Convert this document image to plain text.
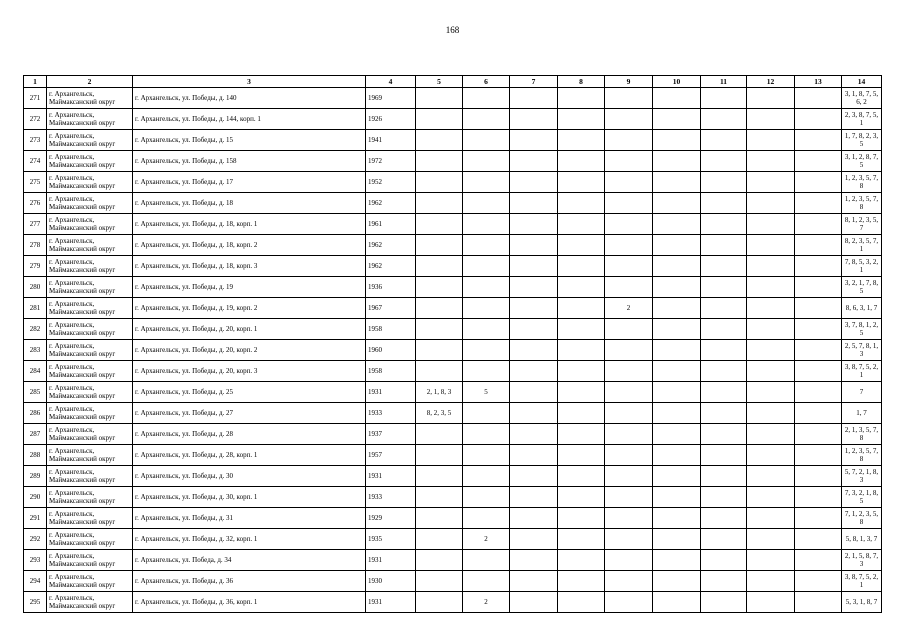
168
1	2	3	4	5	6	7	8	9	10	11	12	13	14
271	г. Архангельск, Маймаксанский округ	г. Архангельск, ул. Победы, д. 140	1969										3, 1, 8, 7, 5, 6, 2
272	г. Архангельск, Маймаксанский округ	г. Архангельск, ул. Победы, д. 144, корп. 1	1926										2, 3, 8, 7, 5, 1
273	г. Архангельск, Маймаксанский округ	г. Архангельск, ул. Победы, д. 15	1941										1, 7, 8, 2, 3, 5
274	г. Архангельск, Маймаксанский округ	г. Архангельск, ул. Победы, д. 158	1972										3, 1, 2, 8, 7, 5
275	г. Архангельск, Маймаксанский округ	г. Архангельск, ул. Победы, д. 17	1952										1, 2, 3, 5, 7, 8
276	г. Архангельск, Маймаксанский округ	г. Архангельск, ул. Победы, д. 18	1962										1, 2, 3, 5, 7, 8
277	г. Архангельск, Маймаксанский округ	г. Архангельск, ул. Победы, д. 18, корп. 1	1961										8, 1, 2, 3, 5, 7
278	г. Архангельск, Маймаксанский округ	г. Архангельск, ул. Победы, д. 18, корп. 2	1962										8, 2, 3, 5, 7, 1
279	г. Архангельск, Маймаксанский округ	г. Архангельск, ул. Победы, д. 18, корп. 3	1962										7, 8, 5, 3, 2, 1
280	г. Архангельск, Маймаксанский округ	г. Архангельск, ул. Победы, д. 19	1936										3, 2, 1, 7, 8, 5
281	г. Архангельск, Маймаксанский округ	г. Архангельск, ул. Победы, д. 19, корп. 2	1967					2					8, 6, 3, 1, 7
282	г. Архангельск, Маймаксанский округ	г. Архангельск, ул. Победы, д. 20, корп. 1	1958										3, 7, 8, 1, 2, 5
283	г. Архангельск, Маймаксанский округ	г. Архангельск, ул. Победы, д. 20, корп. 2	1960										2, 5, 7, 8, 1, 3
284	г. Архангельск, Маймаксанский округ	г. Архангельск, ул. Победы, д. 20, корп. 3	1958										3, 8, 7, 5, 2, 1
285	г. Архангельск, Маймаксанский округ	г. Архангельск, ул. Победы, д. 25	1931	2, 1, 8, 3	5								7
286	г. Архангельск, Маймаксанский округ	г. Архангельск, ул. Победы, д. 27	1933	8, 2, 3, 5									1, 7
287	г. Архангельск, Маймаксанский округ	г. Архангельск, ул. Победы, д. 28	1937										2, 1, 3, 5, 7, 8
288	г. Архангельск, Маймаксанский округ	г. Архангельск, ул. Победы, д. 28, корп. 1	1957										1, 2, 3, 5, 7, 8
289	г. Архангельск, Маймаксанский округ	г. Архангельск, ул. Победы, д. 30	1931										5, 7, 2, 1, 8, 3
290	г. Архангельск, Маймаксанский округ	г. Архангельск, ул. Победы, д. 30, корп. 1	1933										7, 3, 2, 1, 8, 5
291	г. Архангельск, Маймаксанский округ	г. Архангельск, ул. Победы, д. 31	1929										7, 1, 2, 3, 5, 8
292	г. Архангельск, Маймаксанский округ	г. Архангельск, ул. Победы, д. 32, корп. 1	1935		2								5, 8, 1, 3, 7
293	г. Архангельск, Маймаксанский округ	г. Архангельск, ул. Победа, д. 34	1931										2, 1, 5, 8, 7, 3
294	г. Архангельск, Маймаксанский округ	г. Архангельск, ул. Победы, д. 36	1930										3, 8, 7, 5, 2, 1
295	г. Архангельск, Маймаксанский округ	г. Архангельск, ул. Победы, д. 36, корп. 1	1931		2								5, 3, 1, 8, 7
